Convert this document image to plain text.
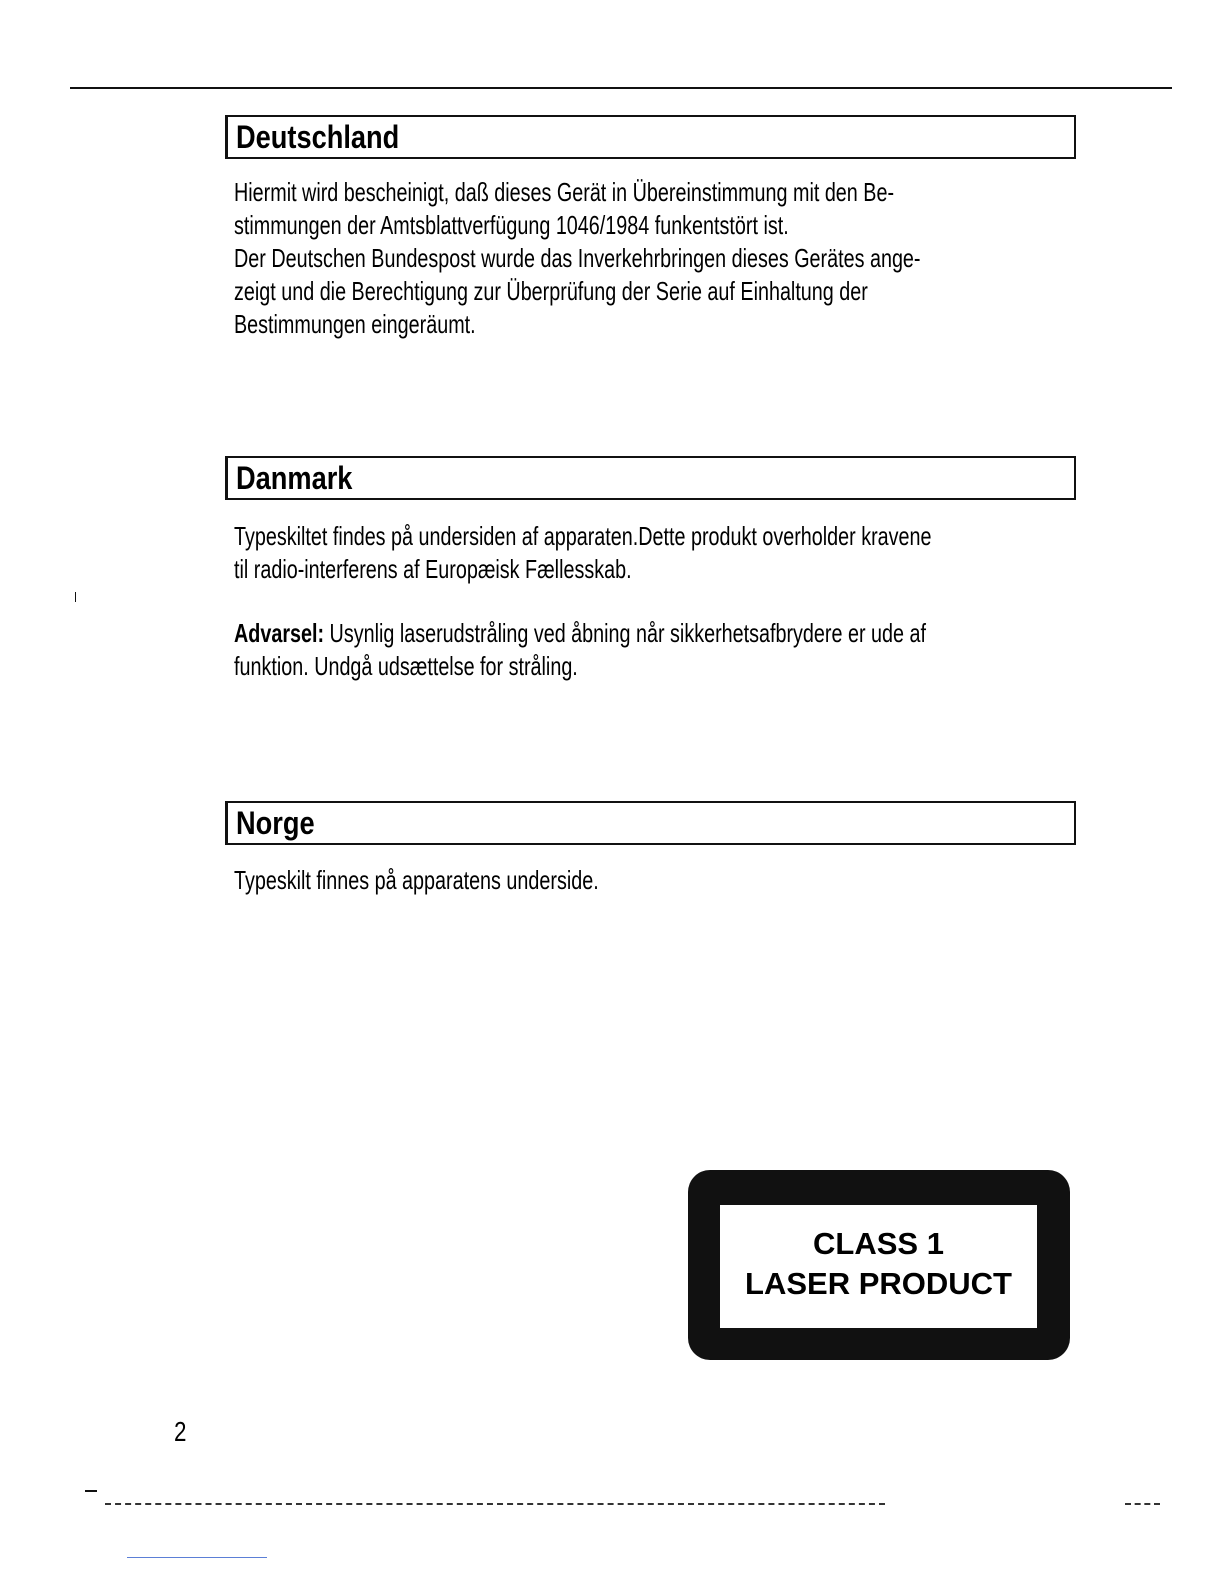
Deutschland
Hiermit wird bescheinigt, daß dieses Gerät in Übereinstimmung mit den Be-
stimmungen der Amtsblattverfügung 1046/1984 funkentstört ist.
Der Deutschen Bundespost wurde das Inverkehrbringen dieses Gerätes ange-
zeigt und die Berechtigung zur Überprüfung der Serie auf Einhaltung der
Bestimmungen eingeräumt.
Danmark
Typeskiltet findes på undersiden af apparaten.Dette produkt overholder kravene
til radio-interferens af Europæisk Fællesskab.
Advarsel: Usynlig laserudstråling ved åbning når sikkerhetsafbrydere er ude af
funktion. Undgå udsættelse for stråling.
Norge
Typeskilt finnes på apparatens underside.
CLASS 1
LASER PRODUCT
2
